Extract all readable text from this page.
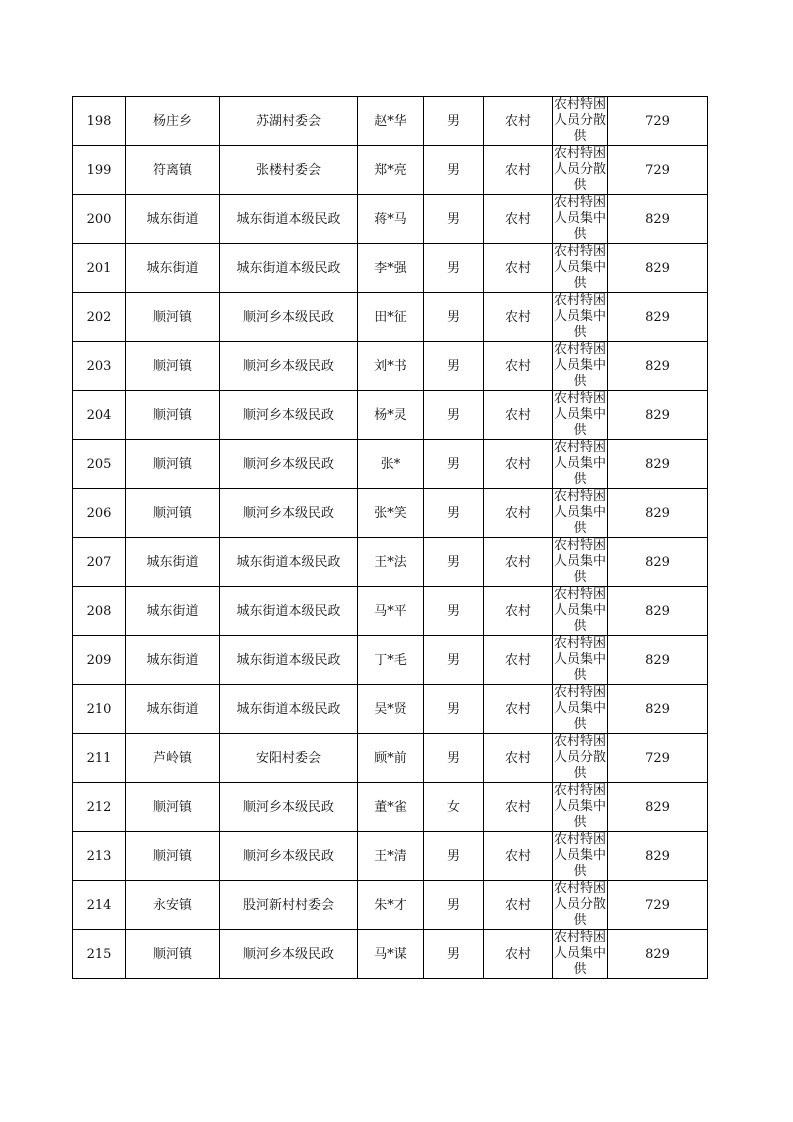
198	杨庄乡	苏湖村委会	赵*华	男	农村	农村特困人员分散供	729
199	符离镇	张楼村委会	郑*亮	男	农村	农村特困人员分散供	729
200	城东街道	城东街道本级民政	蒋*马	男	农村	农村特困人员集中供	829
201	城东街道	城东街道本级民政	李*强	男	农村	农村特困人员集中供	829
202	顺河镇	顺河乡本级民政	田*征	男	农村	农村特困人员集中供	829
203	顺河镇	顺河乡本级民政	刘*书	男	农村	农村特困人员集中供	829
204	顺河镇	顺河乡本级民政	杨*灵	男	农村	农村特困人员集中供	829
205	顺河镇	顺河乡本级民政	张*	男	农村	农村特困人员集中供	829
206	顺河镇	顺河乡本级民政	张*笑	男	农村	农村特困人员集中供	829
207	城东街道	城东街道本级民政	王*法	男	农村	农村特困人员集中供	829
208	城东街道	城东街道本级民政	马*平	男	农村	农村特困人员集中供	829
209	城东街道	城东街道本级民政	丁*毛	男	农村	农村特困人员集中供	829
210	城东街道	城东街道本级民政	吴*贤	男	农村	农村特困人员集中供	829
211	芦岭镇	安阳村委会	顾*前	男	农村	农村特困人员分散供	729
212	顺河镇	顺河乡本级民政	董*雀	女	农村	农村特困人员集中供	829
213	顺河镇	顺河乡本级民政	王*清	男	农村	农村特困人员集中供	829
214	永安镇	股河新村村委会	朱*才	男	农村	农村特困人员分散供	729
215	顺河镇	顺河乡本级民政	马*谋	男	农村	农村特困人员集中供	829
